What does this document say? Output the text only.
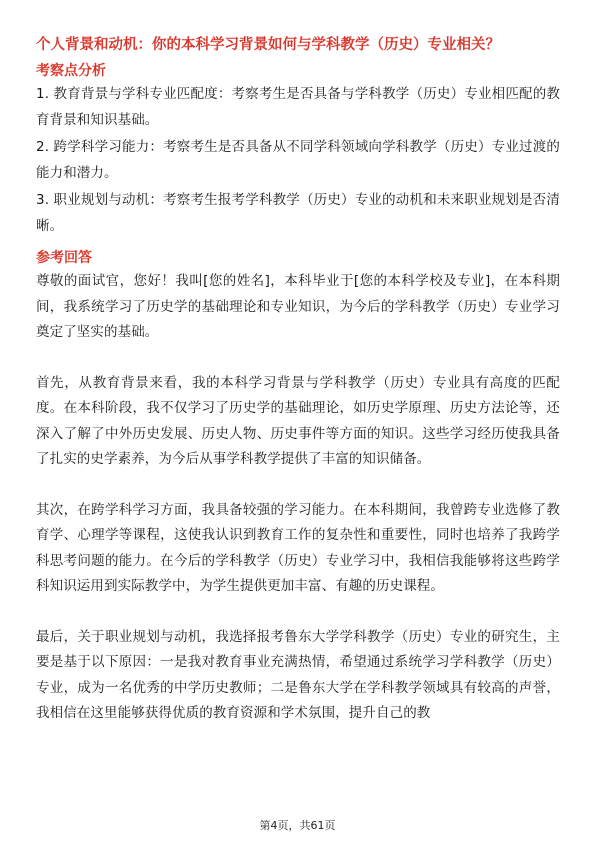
个人背景和动机：你的本科学习背景如何与学科教学（历史）专业相关？

考察点分析

1. 教育背景与学科专业匹配度：考察考生是否具备与学科教学（历史）专业相匹配的教育背景和知识基础。

2. 跨学科学习能力：考察考生是否具备从不同学科领域向学科教学（历史）专业过渡的能力和潜力。

3. 职业规划与动机：考察考生报考学科教学（历史）专业的动机和未来职业规划是否清晰。

参考回答

尊敬的面试官，您好！我叫[您的姓名]，本科毕业于[您的本科学校及专业]，在本科期间，我系统学习了历史学的基础理论和专业知识，为今后的学科教学（历史）专业学习奠定了坚实的基础。

首先，从教育背景来看，我的本科学习背景与学科教学（历史）专业具有高度的匹配度。在本科阶段，我不仅学习了历史学的基础理论，如历史学原理、历史方法论等，还深入了解了中外历史发展、历史人物、历史事件等方面的知识。这些学习经历使我具备了扎实的史学素养，为今后从事学科教学提供了丰富的知识储备。

其次，在跨学科学习方面，我具备较强的学习能力。在本科期间，我曾跨专业选修了教育学、心理学等课程，这使我认识到教育工作的复杂性和重要性，同时也培养了我跨学科思考问题的能力。在今后的学科教学（历史）专业学习中，我相信我能够将这些跨学科知识运用到实际教学中，为学生提供更加丰富、有趣的历史课程。

最后，关于职业规划与动机，我选择报考鲁东大学学科教学（历史）专业的研究生，主要是基于以下原因：一是我对教育事业充满热情，希望通过系统学习学科教学（历史）专业，成为一名优秀的中学历史教师；二是鲁东大学在学科教学领域具有较高的声誉，我相信在这里能够获得优质的教育资源和学术氛围，提升自己的教

第4页，共61页
